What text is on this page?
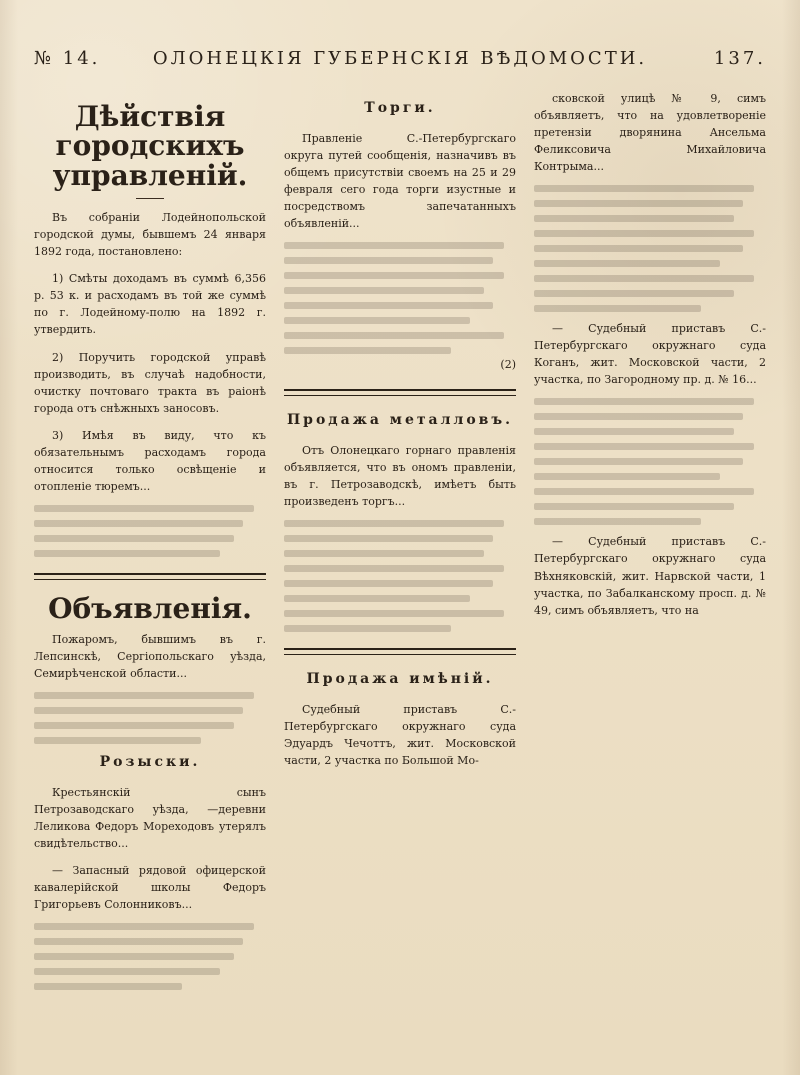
№ 14.	ОЛОНЕЦКІЯ ГУБЕРНСКІЯ ВѢДОМОСТИ.	137.
Дѣйствія городскихъ управленій.

Въ собраніи Лодейнопольской городской думы, бывшемъ 24 января 1892 года, постановлено:

1) Смѣты доходамъ въ суммѣ 6,356 р. 53 к. и расходамъ въ той же суммѣ по г. Лодейному-полю на 1892 г. утвердить.

2) Поручить городской управѣ производить, въ случаѣ надобности, очистку почтоваго тракта въ раіонѣ города отъ снѣжныхъ заносовъ.

3) Имѣя въ виду, что къ обязательнымъ расходамъ города относится только освѣщеніе и отопленіе тюремъ...

Объявленія.

Пожаромъ, бывшимъ въ г. Лепсинскѣ, Сергіопольскаго уѣзда, Семирѣченской области...

Розыски.

Крестьянскій сынъ Петрозаводскаго уѣзда, —деревни Леликова Федоръ Мореходовъ утерялъ свидѣтельство...

— Запасный рядовой офицерской кавалерійской школы Федоръ Григорьевъ Солонниковъ...

Торги.

Правленіе С.-Петербургскаго округа путей сообщенія, назначивъ въ общемъ присутствіи своемъ на 25 и 29 февраля сего года торги изустные и посредствомъ запечатанныхъ объявленій...

(2)
Продажа металловъ.

Отъ Олонецкаго горнаго правленія объявляется, что въ ономъ правленіи, въ г. Петрозаводскѣ, имѣетъ быть произведенъ торгъ...

Продажа имѣній.

Судебный приставъ С.-Петербургскаго окружнаго суда Эдуардъ Чечоттъ, жит. Московской части, 2 участка по Большой Мо-

сковской улицѣ № 9, симъ объявляетъ, что на удовлетвореніе претензіи дворянина Ансельма Феликсовича Михайловича Контрыма...

— Судебный приставъ С.-Петербургскаго окружнаго суда Коганъ, жит. Московской части, 2 участка, по Загородному пр. д. № 16...

— Судебный приставъ С.-Петербургскаго окружнаго суда Вѣхняковскій, жит. Нарвской части, 1 участка, по Забалканскому просп. д. № 49, симъ объявляетъ, что на
